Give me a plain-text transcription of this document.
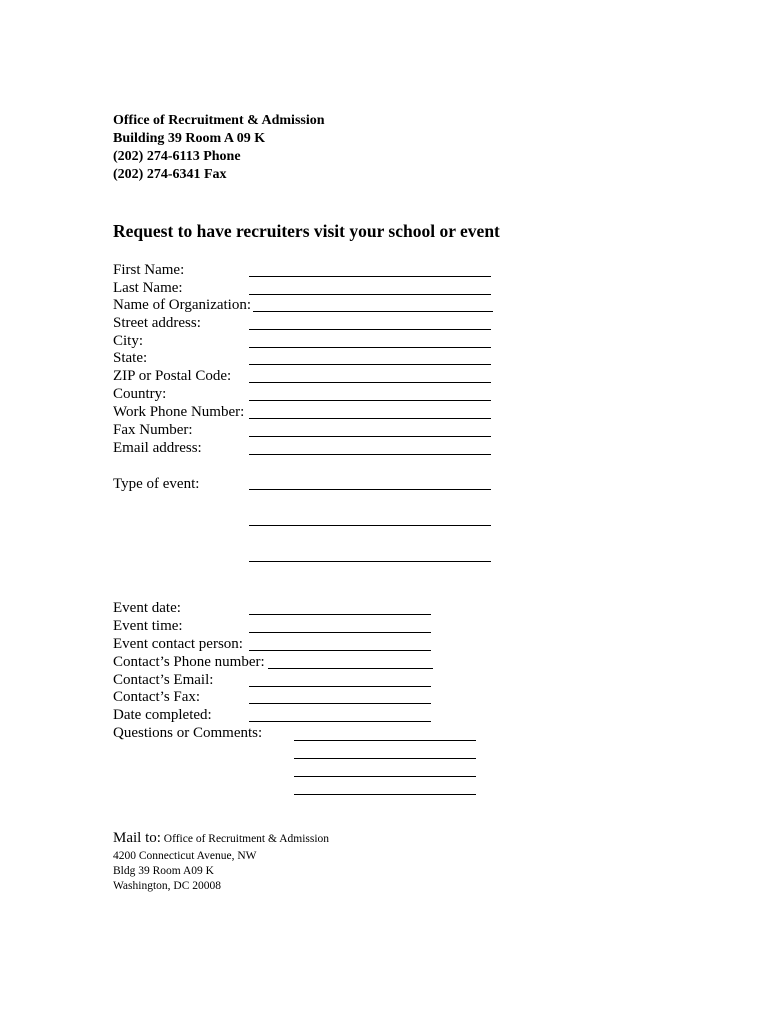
Office of Recruitment & Admission
Building 39 Room A 09 K
(202) 274-6113 Phone
(202) 274-6341 Fax
Request to have recruiters visit your school or event
First Name:
Last Name:
Name of Organization:
Street address:
City:
State:
ZIP or Postal Code:
Country:
Work Phone Number:
Fax Number:
Email address:
Type of event:
Event date:
Event time:
Event contact person:
Contact’s Phone number:
Contact’s Email:
Contact’s Fax:
Date completed:
Questions or Comments:
Mail to: Office of Recruitment & Admission
4200 Connecticut Avenue, NW
Bldg 39 Room A09 K
Washington, DC 20008
